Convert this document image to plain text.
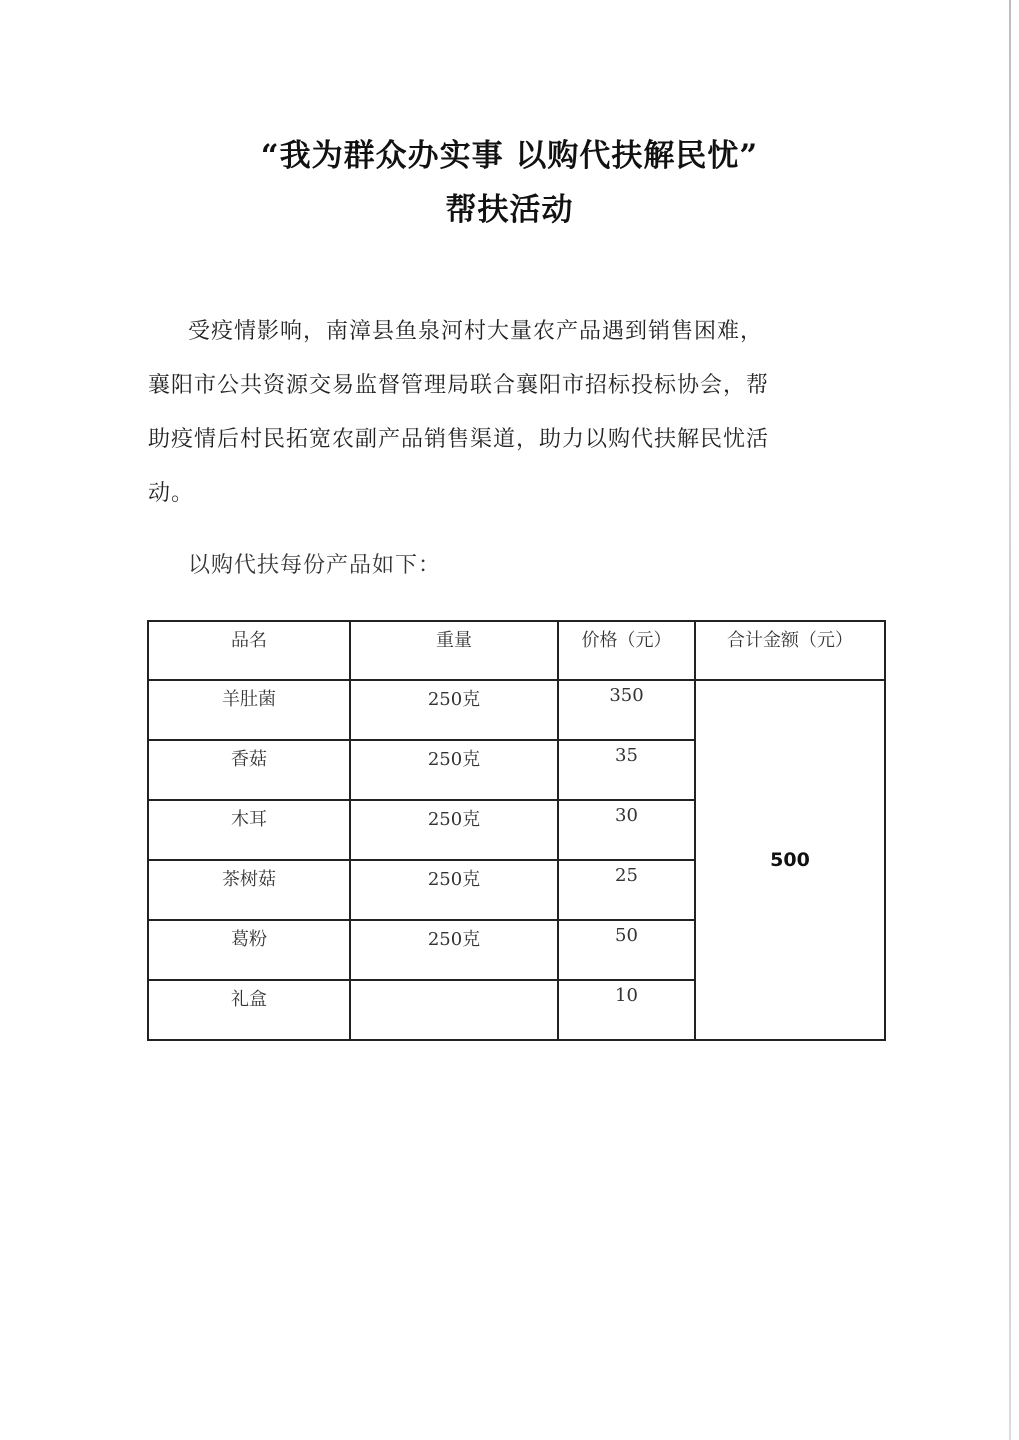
“我为群众办实事 以购代扶解民忧”
帮扶活动
受疫情影响，南漳县鱼泉河村大量农产品遇到销售困难，
襄阳市公共资源交易监督管理局联合襄阳市招标投标协会，帮
助疫情后村民拓宽农副产品销售渠道，助力以购代扶解民忧活
动。
以购代扶每份产品如下：
品名	重量	价格（元）	合计金额（元）
羊肚菌	250克	350	500
香菇	250克	35	
木耳	250克	30	
茶树菇	250克	25	
葛粉	250克	50	
礼盒		10	
